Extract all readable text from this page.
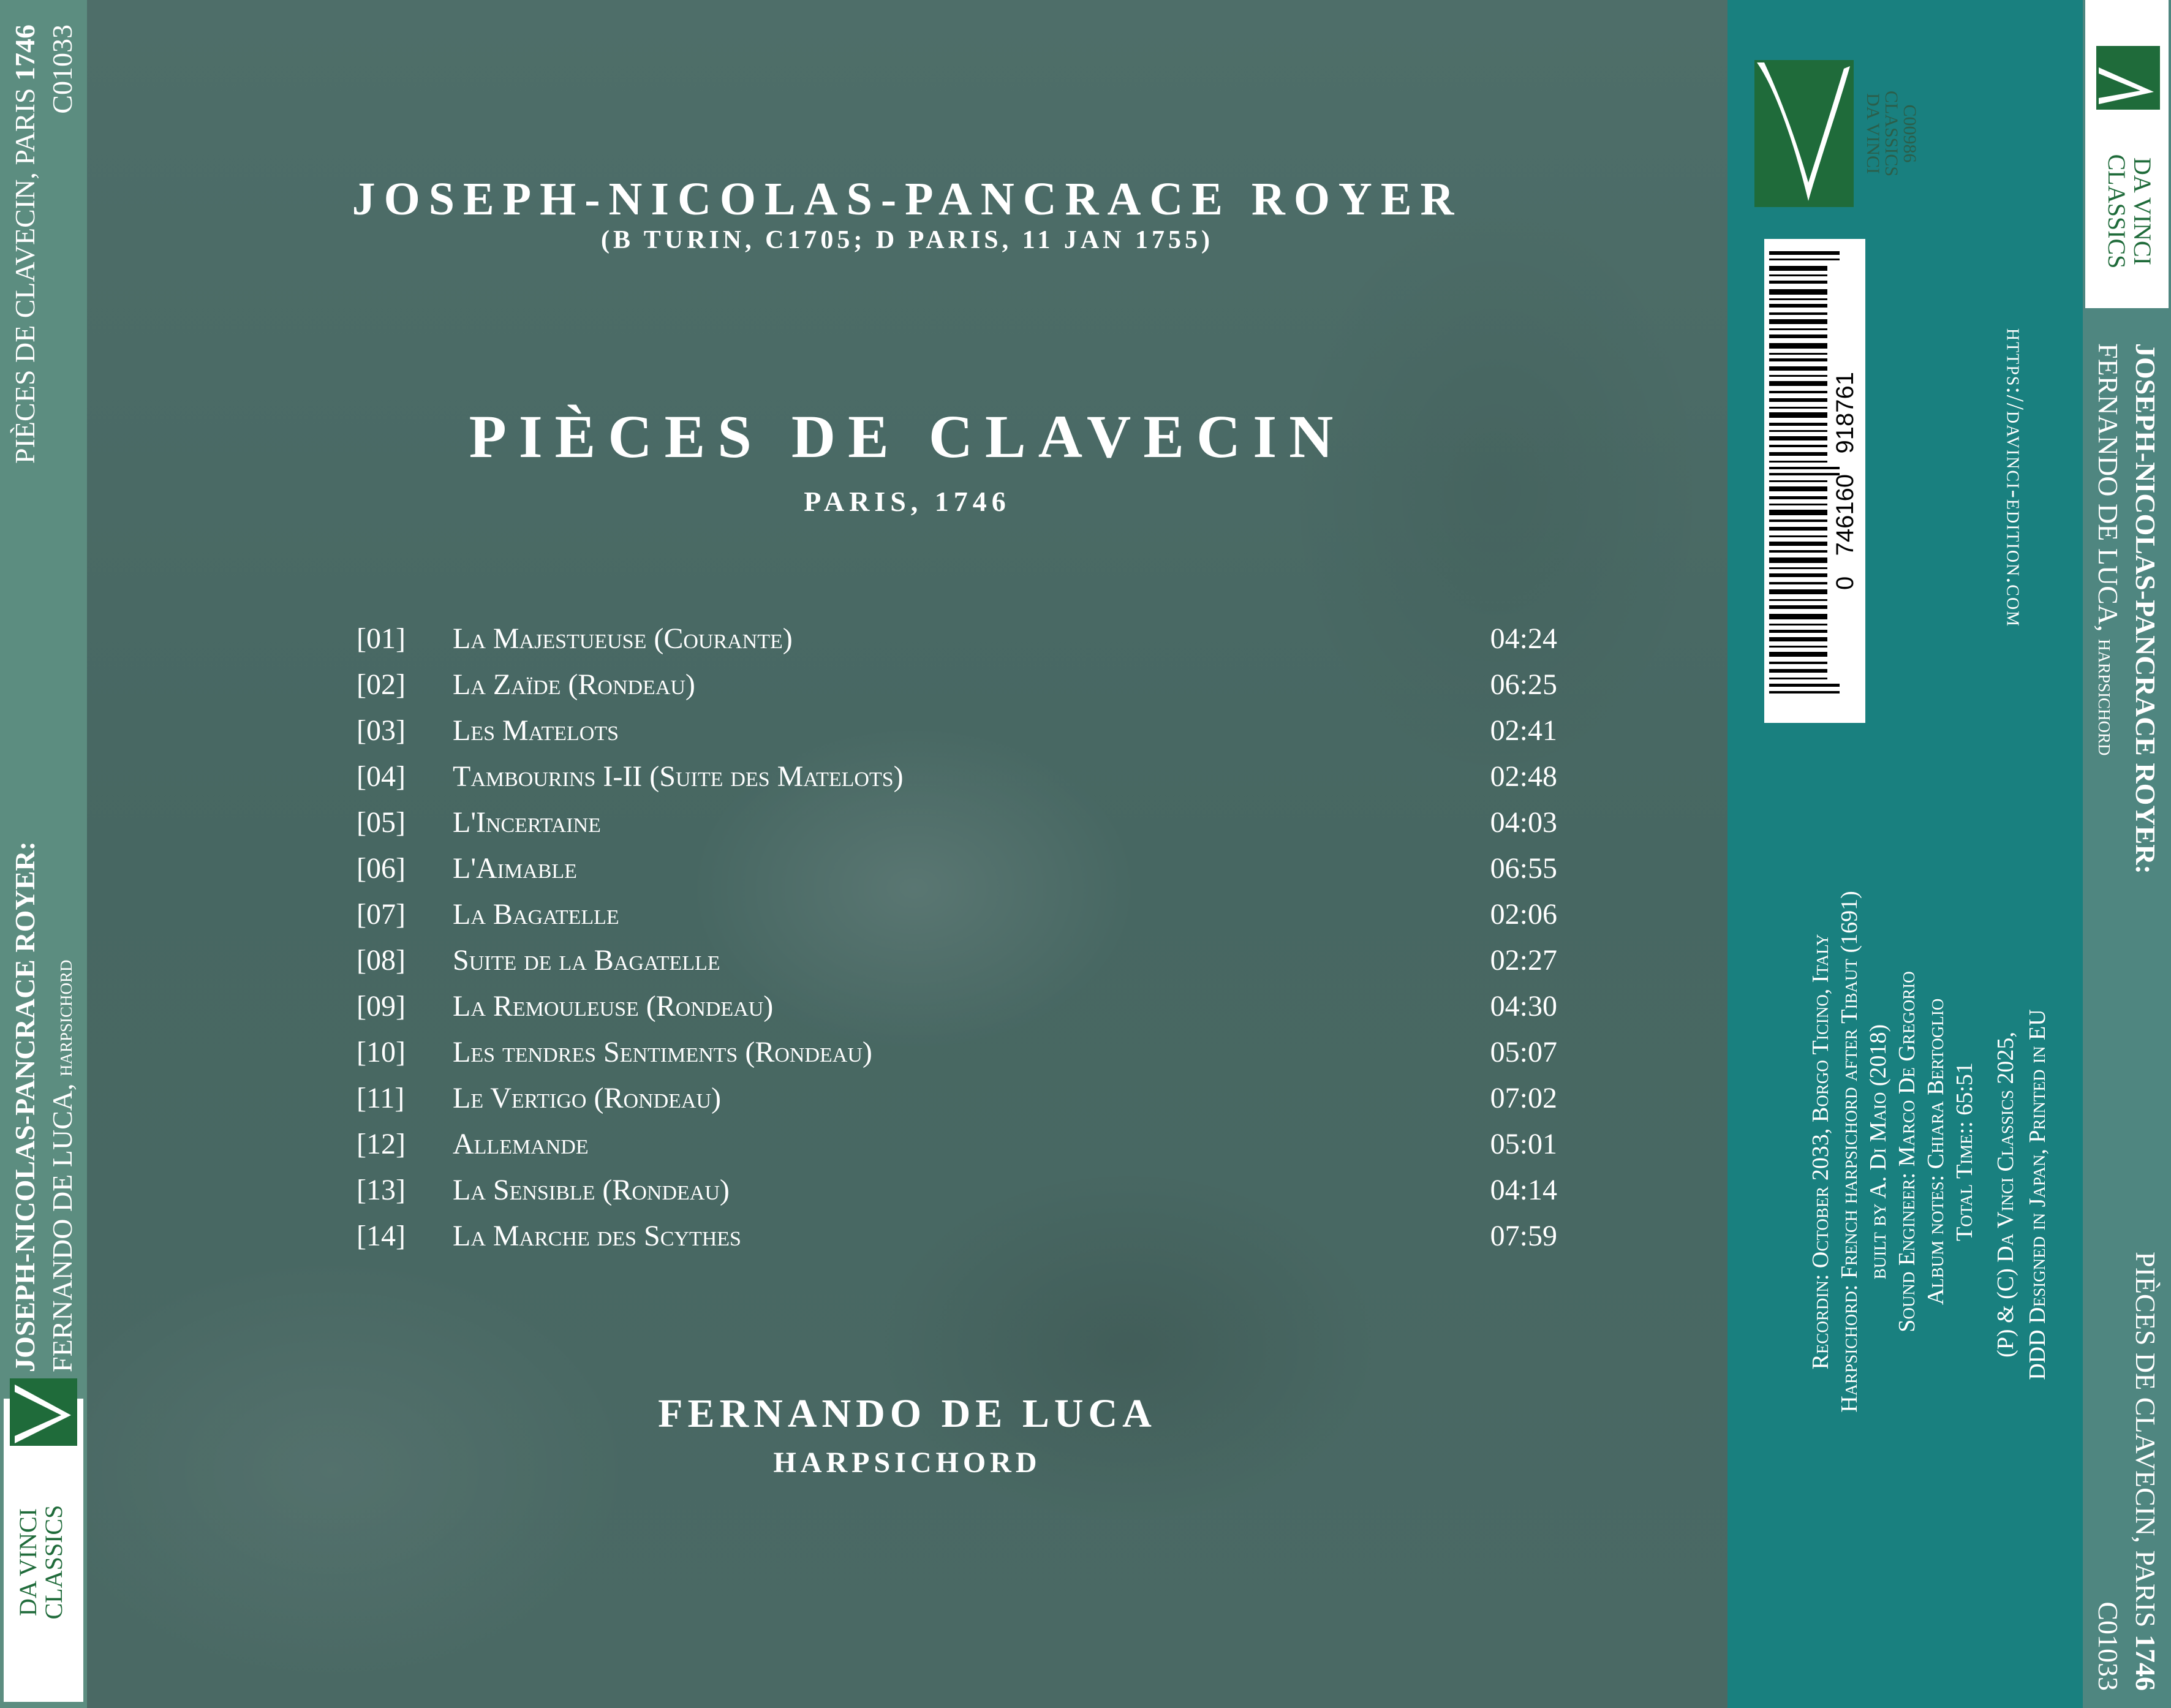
JOSEPH-NICOLAS-PANCRACE ROYER:
PIÈCES DE CLAVECIN, PARIS 1746
FERNANDO DE LUCA, harpsichord
C01033
DA VINCI
CLASSICS
JOSEPH-NICOLAS-PANCRACE ROYER
(B TURIN, C1705; D PARIS, 11 JAN 1755)
PIÈCES DE CLAVECIN
PARIS, 1746
[01] La Majestueuse (Courante)	04:24
[02] La Zaïde (Rondeau)	06:25
[03] Les Matelots	02:41
[04] Tambourins I-II (Suite des Matelots)	02:48
[05] L'Incertaine	04:03
[06] L'Aimable	06:55
[07] La Bagatelle	02:06
[08] Suite de la Bagatelle	02:27
[09] La Remouleuse (Rondeau)	04:30
[10] Les tendres Sentiments (Rondeau)	05:07
[11] Le Vertigo (Rondeau)	07:02
[12] Allemande	05:01
[13] La Sensible (Rondeau)	04:14
[14] La Marche des Scythes	07:59
FERNANDO DE LUCA
HARPSICHORD
DA VINCI
CLASSICS
C00986
0   746160   918761	https://davinci-edition.com
Recordin: October 2033, Borgo Ticino, Italy Harpsichord: French harpsichord after Tibaut (1691) built by A. Di Maio (2018) Sound Engineer: Marco De Gregorio Album notes: Chiara Bertoglio Total Time:: 65:51 (P) & (C) Da Vinci Classics 2025, DDD Designed in Japan, Printed in EU
DA VINCI
CLASSICS
JOSEPH-NICOLAS-PANCRACE ROYER:
PIÈCES DE CLAVECIN, PARIS 1746
FERNANDO DE LUCA, harpsichord
C01033
